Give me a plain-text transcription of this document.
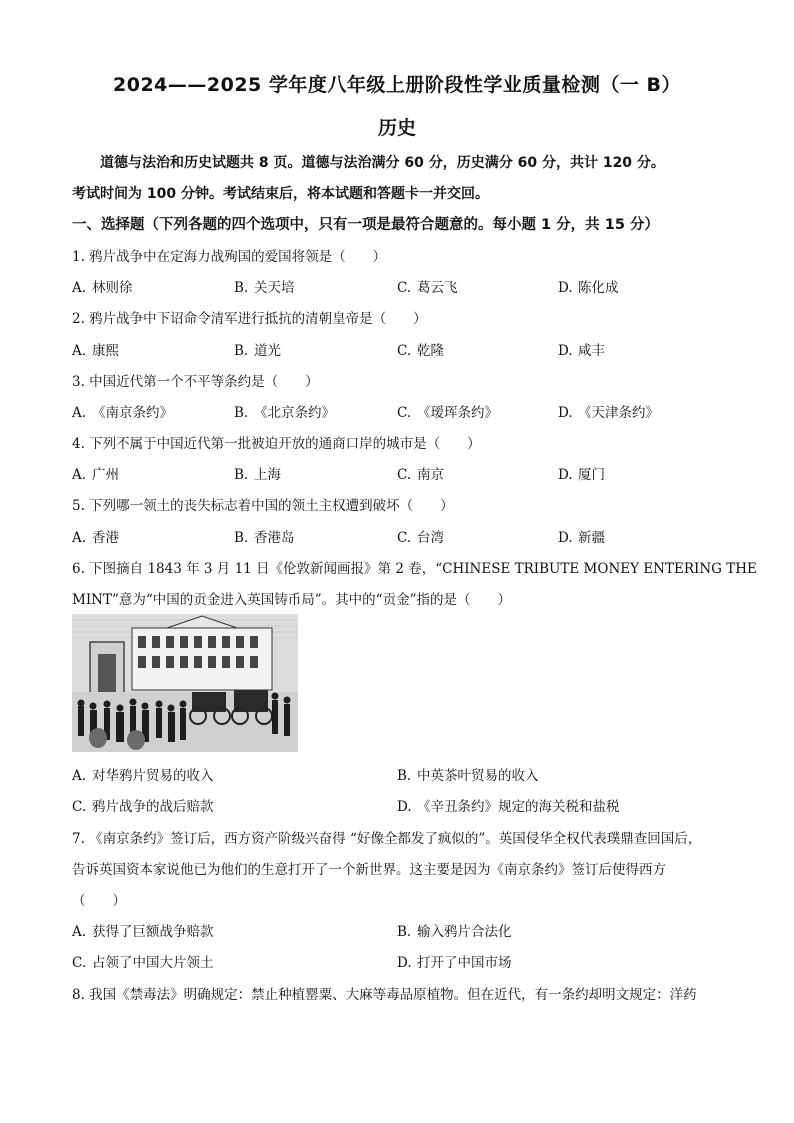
2024——2025 学年度八年级上册阶段性学业质量检测（一 B）
历史
道德与法治和历史试题共 8 页。道德与法治满分 60 分，历史满分 60 分，共计 120 分。
考试时间为 100 分钟。考试结束后，将本试题和答题卡一并交回。
一、选择题（下列各题的四个选项中，只有一项是最符合题意的。每小题 1 分，共 15 分）
1. 鸦片战争中在定海力战殉国的爱国将领是（　　）
A. 林则徐	B. 关天培	C. 葛云飞	D. 陈化成
2. 鸦片战争中下诏命令清军进行抵抗的清朝皇帝是（　　）
A. 康熙	B. 道光	C. 乾隆	D. 咸丰
3. 中国近代第一个不平等条约是（　　）
A. 《南京条约》	B. 《北京条约》	C. 《瑷珲条约》	D. 《天津条约》
4. 下列不属于中国近代第一批被迫开放的通商口岸的城市是（　　）
A. 广州	B. 上海	C. 南京	D. 厦门
5. 下列哪一领土的丧失标志着中国的领土主权遭到破坏（　　）
A. 香港	B. 香港岛	C. 台湾	D. 新疆
6. 下图摘自 1843 年 3 月 11 日《伦敦新闻画报》第 2 卷，“CHINESE TRIBUTE MONEY ENTERING THE
MINT”意为“中国的贡金进入英国铸币局”。其中的“贡金”指的是（　　）
A. 对华鸦片贸易的收入	B. 中英茶叶贸易的收入
C. 鸦片战争的战后赔款	D. 《辛丑条约》规定的海关税和盐税
7. 《南京条约》签订后，西方资产阶级兴奋得 “好像全都发了疯似的”。英国侵华全权代表璞鼎查回国后，
告诉英国资本家说他已为他们的生意打开了一个新世界。这主要是因为《南京条约》签订后使得西方
（　　）
A. 获得了巨额战争赔款	B. 输入鸦片合法化
C. 占领了中国大片领土	D. 打开了中国市场
8. 我国《禁毒法》明确规定：禁止种植罂粟、大麻等毒品原植物。但在近代，有一条约却明文规定：洋药
